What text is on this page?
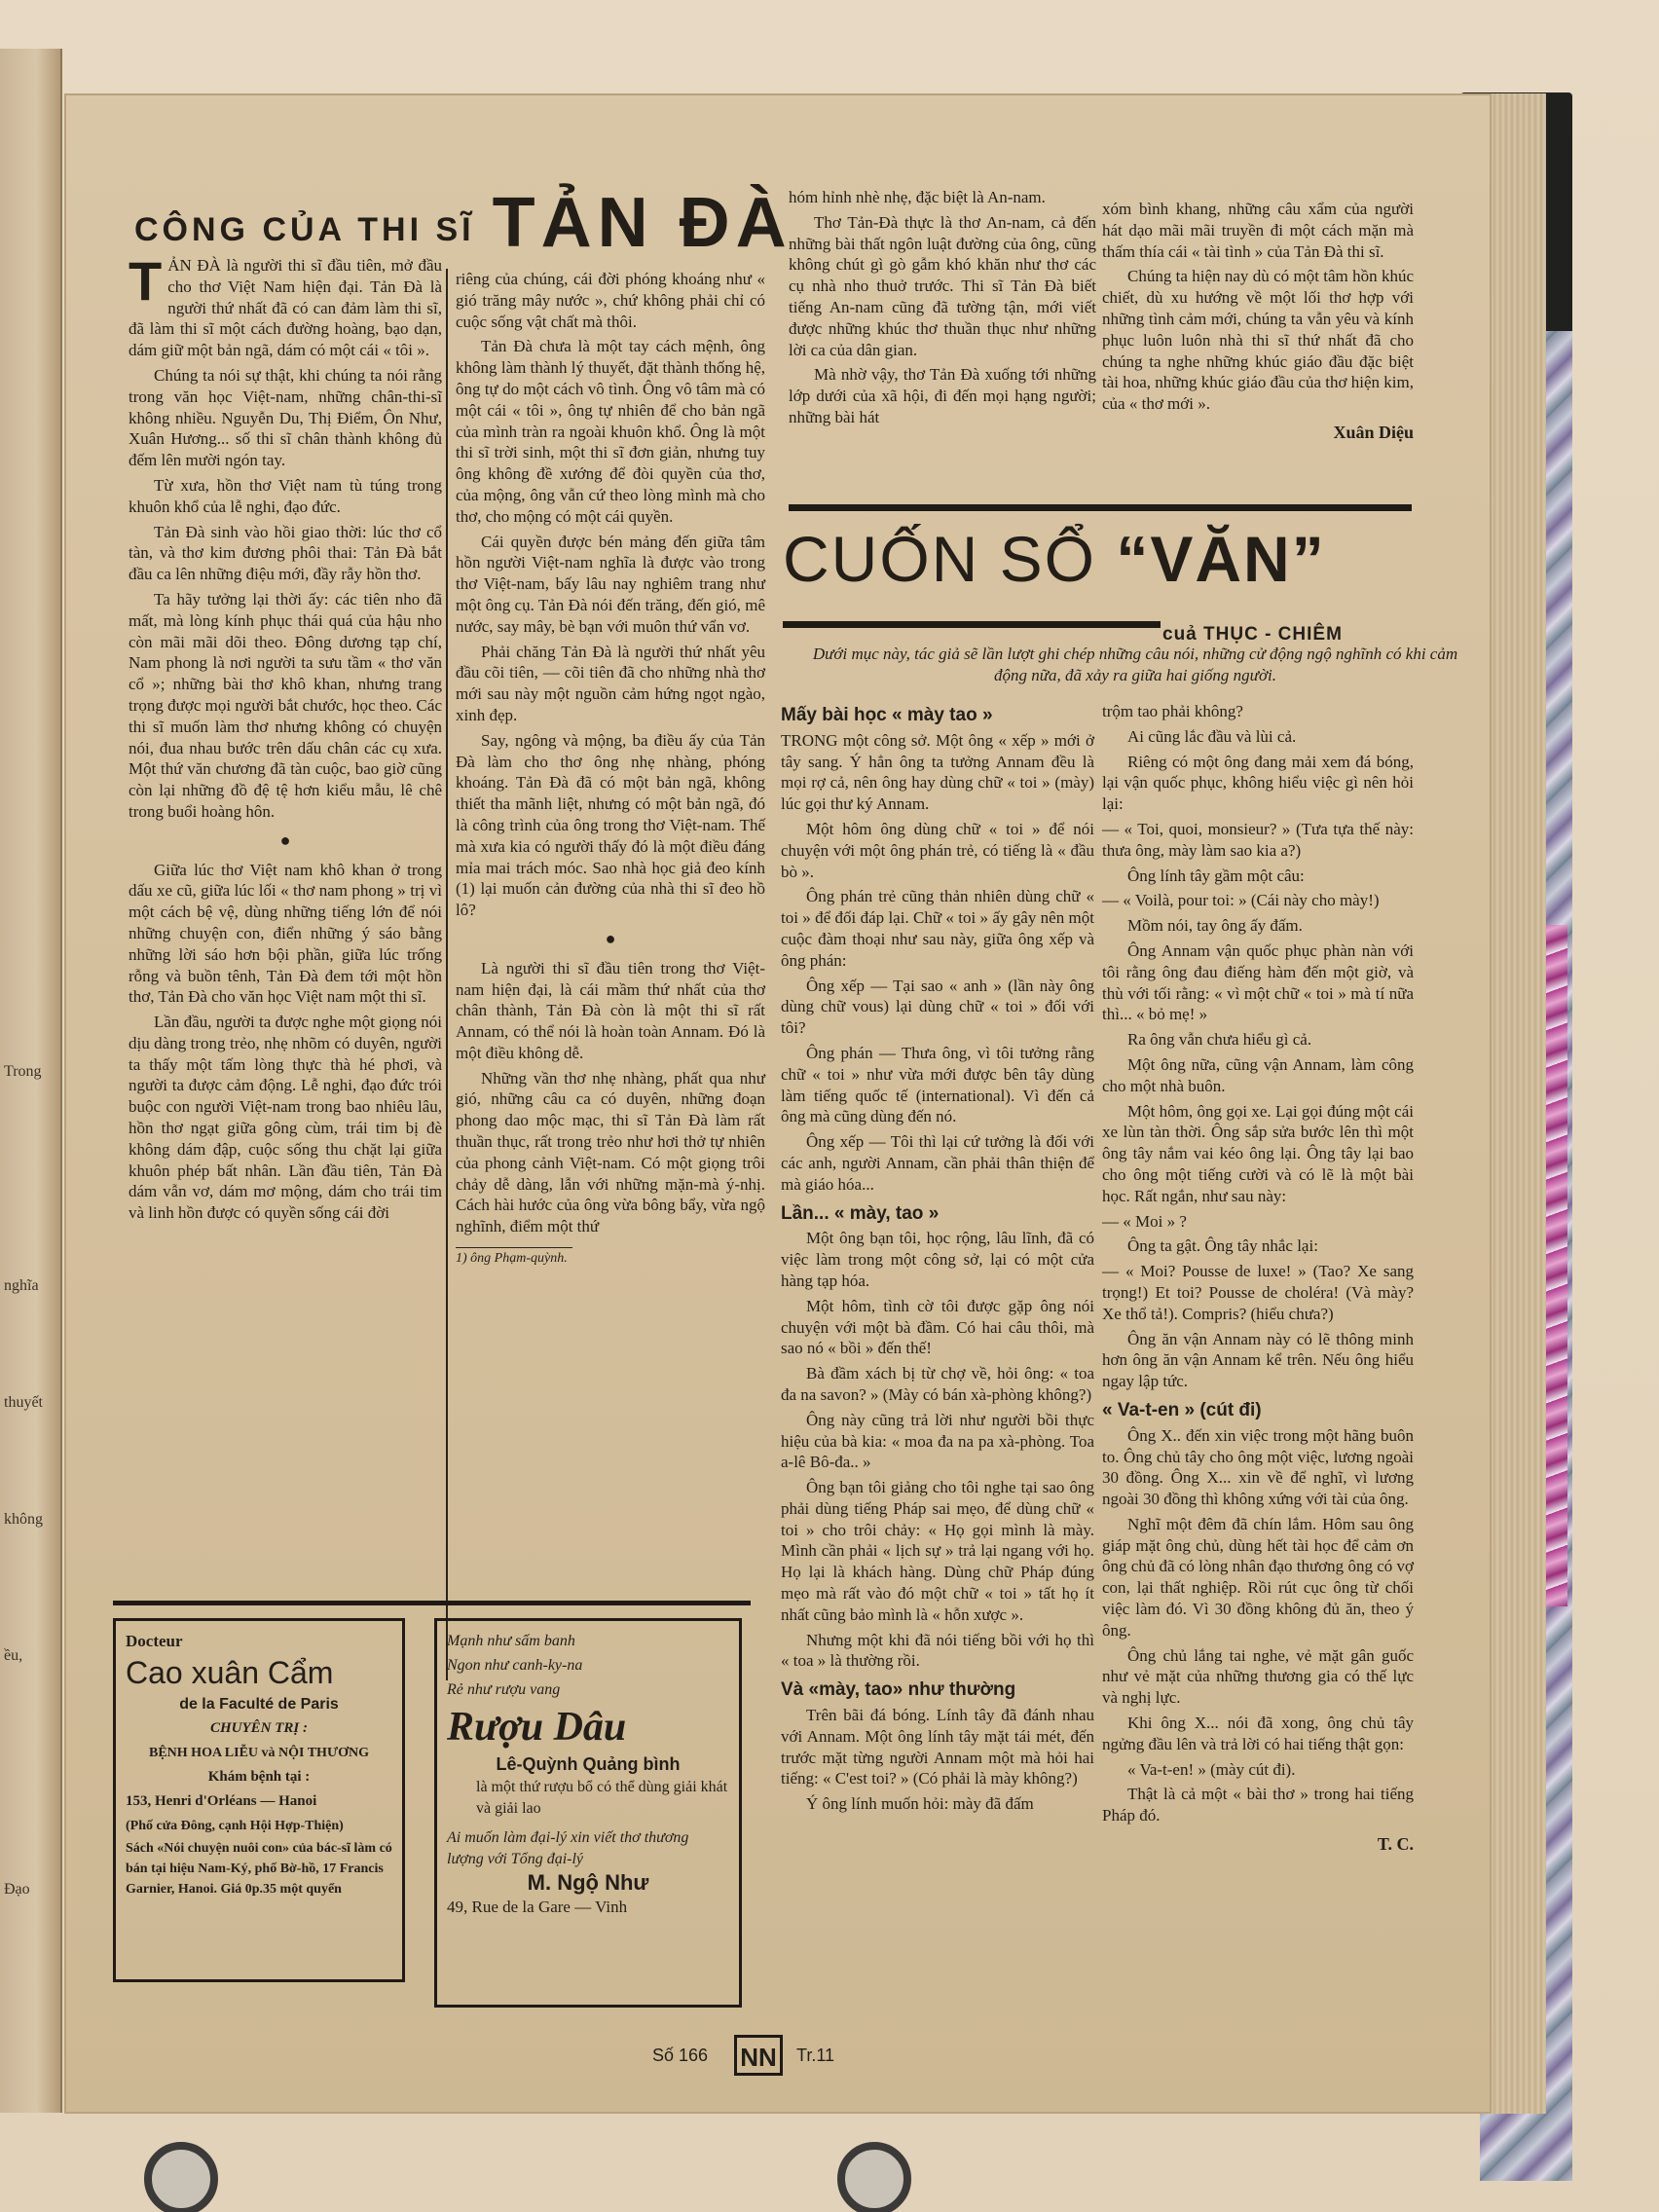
Trong
nghĩa
thuyết
không
ều,
Đạo
CÔNG CỦA THI SĨ TẢN ĐÀ

TẢN ĐÀ là người thi sĩ đầu tiên, mở đầu cho thơ Việt Nam hiện đại. Tản Đà là người thứ nhất đã có can đảm làm thi sĩ, đã làm thi sĩ một cách đường hoàng, bạo dạn, dám giữ một bản ngã, dám có một cái « tôi ».

Chúng ta nói sự thật, khi chúng ta nói rằng trong văn học Việt-nam, những chân-thi-sĩ không nhiều. Nguyễn Du, Thị Điểm, Ôn Như, Xuân Hương... số thi sĩ chân thành không đủ đếm lên mười ngón tay.

Từ xưa, hồn thơ Việt nam tù túng trong khuôn khổ của lễ nghi, đạo đức.

Tản Đà sinh vào hồi giao thời: lúc thơ cổ tàn, và thơ kim đương phôi thai: Tản Đà bắt đầu ca lên những điệu mới, đầy rẫy hồn thơ.

Ta hãy tưởng lại thời ấy: các tiên nho đã mất, mà lòng kính phục thái quá của hậu nho còn mãi mãi dõi theo. Đông dương tạp chí, Nam phong là nơi người ta sưu tầm « thơ văn cổ »; những bài thơ khô khan, nhưng trang trọng được mọi người bắt chước, học theo. Các thi sĩ muốn làm thơ nhưng không có chuyện nói, đua nhau bước trên dấu chân các cụ xưa. Một thứ văn chương đã tàn cuộc, bao giờ cũng còn lại những đồ đệ tệ hơn kiểu mẫu, lê chê trong buổi hoàng hôn.

●

Giữa lúc thơ Việt nam khô khan ở trong dấu xe cũ, giữa lúc lối « thơ nam phong » trị vì một cách bệ vệ, dùng những tiếng lớn để nói những chuyện con, điển những ý sáo bằng những lời sáo hơn bội phần, giữa lúc trống rỗng và buồn tênh, Tản Đà đem tới một hồn thơ, Tản Đà cho văn học Việt nam một thi sĩ.

Lần đầu, người ta được nghe một giọng nói dịu dàng trong trẻo, nhẹ nhõm có duyên, người ta thấy một tấm lòng thực thà hé phơi, và người ta được cảm động. Lễ nghi, đạo đức trói buộc con người Việt-nam trong bao nhiêu lâu, hồn thơ ngạt giữa gông cùm, trái tim bị đè không dám đập, cuộc sống thu chặt lại giữa khuôn phép bất nhân. Lần đầu tiên, Tản Đà dám vẫn vơ, dám mơ mộng, dám cho trái tim và linh hồn được có quyền sống cái đời

riêng của chúng, cái đời phóng khoáng như « gió trăng mây nước », chứ không phải chỉ có cuộc sống vật chất mà thôi.

Tản Đà chưa là một tay cách mệnh, ông không làm thành lý thuyết, đặt thành thống hệ, ông tự do một cách vô tình. Ông vô tâm mà có một cái « tôi », ông tự nhiên để cho bản ngã của mình tràn ra ngoài khuôn khổ. Ông là một thi sĩ trời sinh, một thi sĩ đơn giản, nhưng tuy ông không đề xướng để đòi quyền của thơ, của mộng, ông vẫn cứ theo lòng mình mà cho thơ, cho mộng có một cái quyền.

Cái quyền được bén mảng đến giữa tâm hồn người Việt-nam nghĩa là được vào trong thơ Việt-nam, bấy lâu nay nghiêm trang như một ông cụ. Tản Đà nói đến trăng, đến gió, mê nước, say mây, bè bạn với muôn thứ vẩn vơ.

Phải chăng Tản Đà là người thứ nhất yêu đầu cõi tiên, — cõi tiên đã cho những nhà thơ mới sau này một nguồn cảm hứng ngọt ngào, xinh đẹp.

Say, ngông và mộng, ba điều ấy của Tản Đà làm cho thơ ông nhẹ nhàng, phóng khoáng. Tản Đà đã có một bản ngã, không thiết tha mãnh liệt, nhưng có một bản ngã, đó là công trình của ông trong thơ Việt-nam. Thế mà xưa kia có người thấy đó là một điều đáng mỉa mai trách móc. Sao nhà học giả đeo kính (1) lại muốn cản đường của nhà thi sĩ đeo hồ lô?

●

Là người thi sĩ đầu tiên trong thơ Việt-nam hiện đại, là cái mầm thứ nhất của thơ chân thành, Tản Đà còn là một thi sĩ rất Annam, có thể nói là hoàn toàn Annam. Đó là một điều không dễ.

Những vần thơ nhẹ nhàng, phất qua như gió, những câu ca có duyên, những đoạn phong dao mộc mạc, thi sĩ Tản Đà làm rất thuần thục, rất trong trẻo như hơi thở tự nhiên của phong cảnh Việt-nam. Có một giọng trôi chảy dễ dàng, lẫn với những mặn-mà ý-nhị. Cách hài hước của ông vừa bông bẩy, vừa ngộ nghĩnh, điểm một thứ

1) ông Phạm-quỳnh.

hóm hỉnh nhè nhẹ, đặc biệt là An-nam.

Thơ Tản-Đà thực là thơ An-nam, cả đến những bài thất ngôn luật đường của ông, cũng không chút gì gò gẫm khó khăn như thơ các cụ nhà nho thuở trước. Thi sĩ Tản Đà biết tiếng An-nam cũng đã tường tận, mới viết được những khúc thơ thuần thục như những lời ca của dân gian.

Mà nhờ vậy, thơ Tản Đà xuống tới những lớp dưới của xã hội, đi đến mọi hạng người; những bài hát

xóm bình khang, những câu xẩm của người hát dạo mãi mãi truyền đi một cách mặn mà thấm thía cái « tài tình » của Tản Đà thi sĩ.

Chúng ta hiện nay dù có một tâm hồn khúc chiết, dù xu hướng về một lối thơ hợp với những tình cảm mới, chúng ta vẫn yêu và kính phục luôn luôn nhà thi sĩ thứ nhất đã cho chúng ta nghe những khúc giáo đầu đặc biệt tài hoa, những khúc giáo đầu của thơ hiện kim, của « thơ mới ».

Xuân Diệu
CUỐN SỔ “VĂN”
cuả THỤC - CHIÊM
Dưới mục này, tác giả sẽ lần lượt ghi chép những câu nói, những cử động ngộ nghĩnh có khi cảm động nữa, đã xảy ra giữa hai giống người.
Mấy bài học « mày tao »

TRONG một công sở. Một ông « xếp » mới ở tây sang. Ý hẳn ông ta tưởng Annam đều là mọi rợ cả, nên ông hay dùng chữ « toi » (mày) lúc gọi thư ký Annam.

Một hôm ông dùng chữ « toi » để nói chuyện với một ông phán trẻ, có tiếng là « đầu bò ».

Ông phán trẻ cũng thản nhiên dùng chữ « toi » để đối đáp lại. Chữ « toi » ấy gây nên một cuộc đàm thoại như sau này, giữa ông xếp và ông phán:

Ông xếp — Tại sao « anh » (lần này ông dùng chữ vous) lại dùng chữ « toi » đối với tôi?

Ông phán — Thưa ông, vì tôi tưởng rằng chữ « toi » như vừa mới được bên tây dùng làm tiếng quốc tế (international). Vì đến cả ông mà cũng dùng đến nó.

Ông xếp — Tôi thì lại cứ tưởng là đối với các anh, người Annam, cần phải thân thiện để mà giáo hóa...

Lần... « mày, tao »

Một ông bạn tôi, học rộng, lâu lĩnh, đã có việc làm trong một công sở, lại có một cửa hàng tạp hóa.

Một hôm, tình cờ tôi được gặp ông nói chuyện với một bà đầm. Có hai câu thôi, mà sao nó « bồi » đến thế!

Bà đầm xách bị từ chợ về, hỏi ông: « toa đa na savon? » (Mày có bán xà-phòng không?)

Ông này cũng trả lời như người bồi thực hiệu của bà kia: « moa đa na pa xà-phòng. Toa a-lê Bô-đa.. »

Ông bạn tôi giảng cho tôi nghe tại sao ông phải dùng tiếng Pháp sai mẹo, để dùng chữ « toi » cho trôi chảy: « Họ gọi mình là mày. Mình cần phải « lịch sự » trả lại ngang với họ. Họ lại là khách hàng. Dùng chữ Pháp đúng mẹo mà rất vào đó một chữ « toi » tất họ ít nhất cũng bảo mình là « hỗn xược ».

Nhưng một khi đã nói tiếng bồi với họ thì « toa » là thường rồi.

Và «mày, tao» như thường

Trên bãi đá bóng. Lính tây đã đánh nhau với Annam. Một ông lính tây mặt tái mét, đến trước mặt từng người Annam một mà hỏi hai tiếng: « C'est toi? » (Có phải là mày không?)

Ý ông lính muốn hỏi: mày đã đấm

trộm tao phải không?

Ai cũng lắc đầu và lùi cả.

Riêng có một ông đang mải xem đá bóng, lại vận quốc phục, không hiểu việc gì nên hỏi lại:

— « Toi, quoi, monsieur? » (Tưa tựa thế này: thưa ông, mày làm sao kia a?)

Ông lính tây gầm một câu:

— « Voilà, pour toi: » (Cái này cho mày!)

Mồm nói, tay ông ấy đấm.

Ông Annam vận quốc phục phàn nàn với tôi rằng ông đau điếng hàm đến một giờ, và thù với tối rằng: « vì một chữ « toi » mà tí nữa thì... « bỏ mẹ! »

Ra ông vẫn chưa hiểu gì cả.

Một ông nữa, cũng vận Annam, làm công cho một nhà buôn.

Một hôm, ông gọi xe. Lại gọi đúng một cái xe lùn tàn thời. Ông sắp sửa bước lên thì một ông tây nắm vai kéo ông lại. Ông tây lại bao cho ông một tiếng cười và có lẽ là một bài học. Rất ngắn, như sau này:

— « Moi » ?

Ông ta gật. Ông tây nhắc lại:

— « Moi? Pousse de luxe! » (Tao? Xe sang trọng!) Et toi? Pousse de choléra! (Và mày? Xe thổ tả!). Compris? (hiểu chưa?)

Ông ăn vận Annam này có lẽ thông minh hơn ông ăn vận Annam kể trên. Nếu ông hiểu ngay lập tức.

« Va-t-en » (cút đi)

Ông X.. đến xin việc trong một hãng buôn to. Ông chủ tây cho ông một việc, lương ngoài 30 đồng. Ông X... xin về để nghĩ, vì lương ngoài 30 đồng thì không xứng với tài của ông.

Nghĩ một đêm đã chín lắm. Hôm sau ông giáp mặt ông chủ, dùng hết tài học để cảm ơn ông chủ đã có lòng nhân đạo thương ông có vợ con, lại thất nghiệp. Rồi rút cục ông từ chối việc làm đó. Vì 30 đồng không đủ ăn, theo ý ông.

Ông chủ lắng tai nghe, vẻ mặt gân guốc như vẻ mặt của những thương gia có thế lực và nghị lực.

Khi ông X... nói đã xong, ông chủ tây ngửng đầu lên và trả lời có hai tiếng thật gọn:

« Va-t-en! » (mày cút đi).

Thật là cả một « bài thơ » trong hai tiếng Pháp đó.

T. C.

Docteur

Cao xuân Cẩm

de la Faculté de Paris

CHUYÊN TRỊ :

BỆNH HOA LIỄU và NỘI THƯƠNG

Khám bệnh tại :

153, Henri d'Orléans — Hanoi

(Phố cửa Đông, cạnh Hội Hợp-Thiện)

Sách «Nói chuyện nuôi con» của bác-sĩ làm có bán tại hiệu Nam-Ký, phố Bờ-hồ, 17 Francis Garnier, Hanoi. Giá 0p.35 một quyển

Mạnh như sấm banh

Ngon như canh-ky-na

Rẻ như rượu vang

Rượu Dâu

Lê-Quỳnh Quảng bình

là một thứ rượu bổ có thể dùng giải khát và giải lao

Ai muốn làm đại-lý xin viết thơ thương lượng với Tổng đại-lý

M. Ngộ Như

49, Rue de la Gare — Vinh

Số 166 NN	Tr.11
